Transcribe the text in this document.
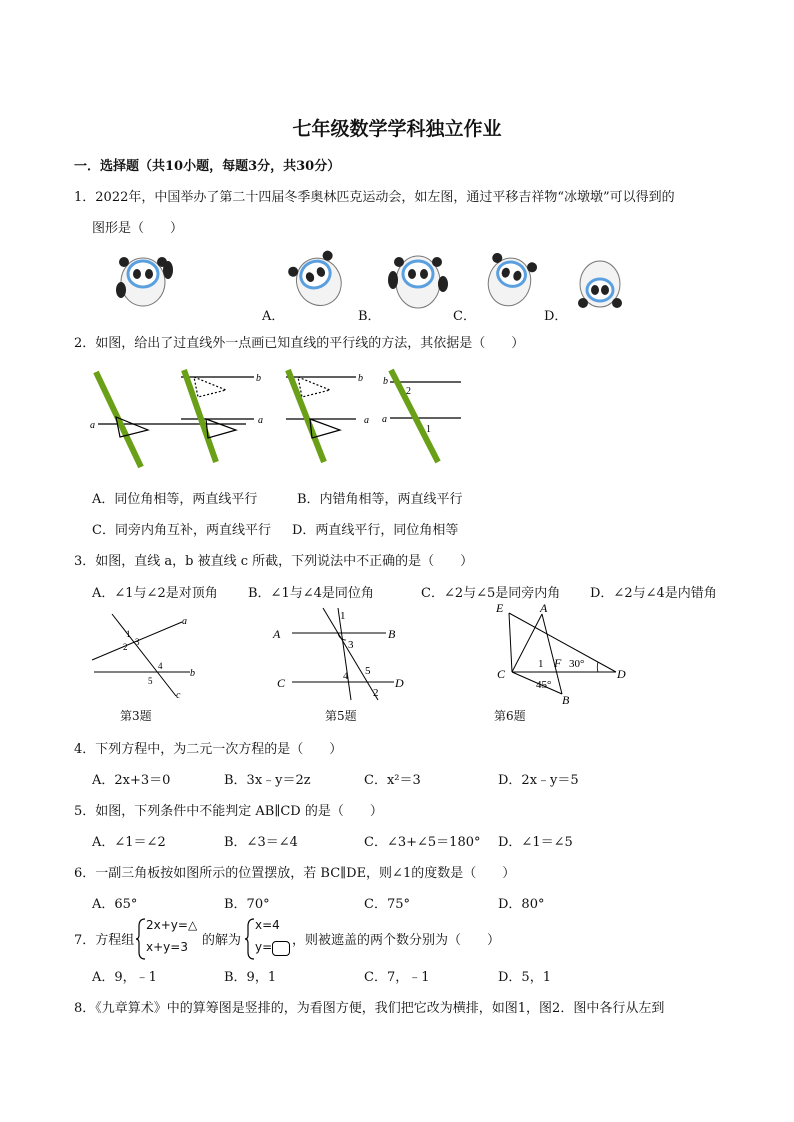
七年级数学学科独立作业
一．选择题（共10小题，每题3分，共30分）
1．2022年，中国举办了第二十四届冬季奥林匹克运动会，如左图，通过平移吉祥物“冰墩墩”可以得到的
图形是（　　）
A．	B．	C．	D．
2．如图，给出了过直线外一点画已知直线的平行线的方法，其依据是（　　）
a
b
a
b
a
b
a
2
1
A．同位角相等，两直线平行	B．内错角相等，两直线平行
C．同旁内角互补，两直线平行 D．两直线平行，同位角相等
3．如图，直线 a，b 被直线 c 所截，下列说法中不正确的是（　　）
A．∠1与∠2是对顶角 B．∠1与∠4是同位角	C．∠2与∠5是同旁内角 D．∠2与∠4是内错角
a
b
c
1
2 3
4
5
第3题
A	B
C	D
1
3
4 5
2
第5题
E	A
C
F
D
B
1 30°
45°
第6题
4．下列方程中，为二元一次方程的是（　　）
A．2x+3＝0	B．3x﹣y＝2z	C．x²＝3	D．2x﹣y＝5
5．如图，下列条件中不能判定 AB∥CD 的是（　　）
A．∠1＝∠2	B．∠3＝∠4	C．∠3+∠5＝180° D．∠1＝∠5
6．一副三角板按如图所示的位置摆放，若 BC∥DE，则∠1的度数是（　　）
A．65°	B．70°	C．75°	D．80°
7．方程组
2x+y=△
x+y=3 的解为
x=4
y= ，则被遮盖的两个数分别为（　　）
A．9，﹣1	B．9，1	C．7，﹣1	D．5，1
8．《九章算术》中的算筹图是竖排的，为看图方便，我们把它改为横排，如图1，图2．图中各行从左到
